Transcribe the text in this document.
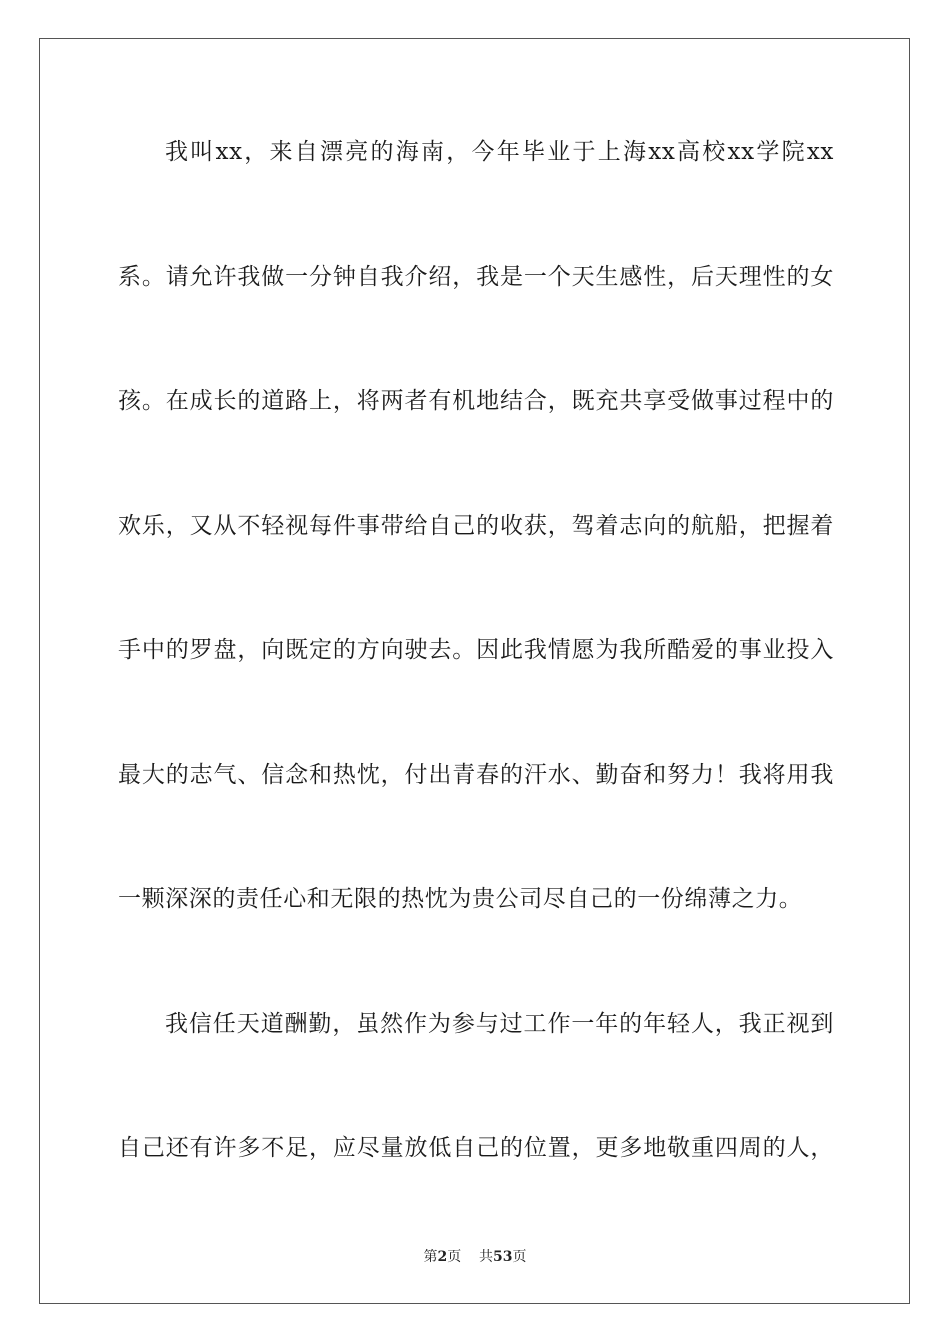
我叫xx，来自漂亮的海南，今年毕业于上海xx高校xx学院xx
系。请允许我做一分钟自我介绍，我是一个天生感性，后天理性的女
孩。在成长的道路上，将两者有机地结合，既充共享受做事过程中的
欢乐，又从不轻视每件事带给自己的收获，驾着志向的航船，把握着
手中的罗盘，向既定的方向驶去。因此我情愿为我所酷爱的事业投入
最大的志气、信念和热忱，付出青春的汗水、勤奋和努力！我将用我
一颗深深的责任心和无限的热忱为贵公司尽自己的一份绵薄之力。
我信任天道酬勤，虽然作为参与过工作一年的年轻人，我正视到
自己还有许多不足，应尽量放低自己的位置，更多地敬重四周的人，
第2页 共53页
